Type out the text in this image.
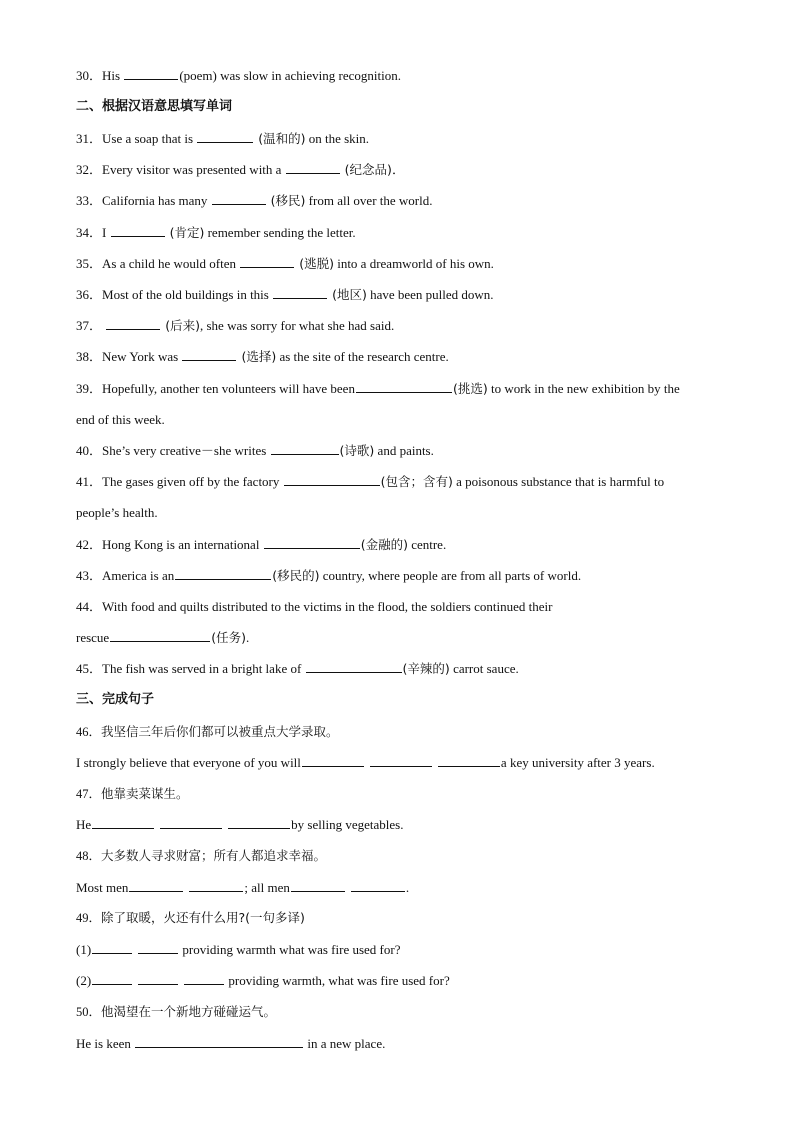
30．His	(poem) was slow in achieving recognition.
二、根据汉语意思填写单词
31．Use a soap that is	(温和的) on the skin.
32．Every visitor was presented with a	(纪念品)．
33．California has many	(移民) from all over the world.
34．I	(肯定) remember sending the letter.
35．As a child he would often	(逃脱) into a dreamworld of his own.
36．Most of the old buildings in this	(地区) have been pulled down.
37．	(后来), she was sorry for what she had said.
38．New York was	(选择) as the site of the research centre.
39．Hopefully, another ten volunteers will have been	(挑选) to work in the new exhibition by the
end of this week.
40．She’s very creative－she writes	(诗歌) and paints.
41．The gases given off by the factory	(包含；含有) a poisonous substance that is harmful to
people’s health.
42．Hong Kong is an international	(金融的) centre.
43．America is an	(移民的) country, where people are from all parts of world.
44．With food and quilts distributed to the victims in the flood, the soldiers continued their
rescue	(任务).
45．The fish was served in a bright lake of	(辛辣的) carrot sauce.
三、完成句子
46．我坚信三年后你们都可以被重点大学录取。
I strongly believe that everyone of you will	a key university after 3 years.
47．他靠卖菜谋生。
He	by selling vegetables.
48．大多数人寻求财富；所有人都追求幸福。
Most men	; all men	.
49．除了取暖，火还有什么用?(一句多译)
(1)	providing warmth what was fire used for?
(2)	providing warmth, what was fire used for?
50．他渴望在一个新地方碰碰运气。
He is keen	in a new place.
